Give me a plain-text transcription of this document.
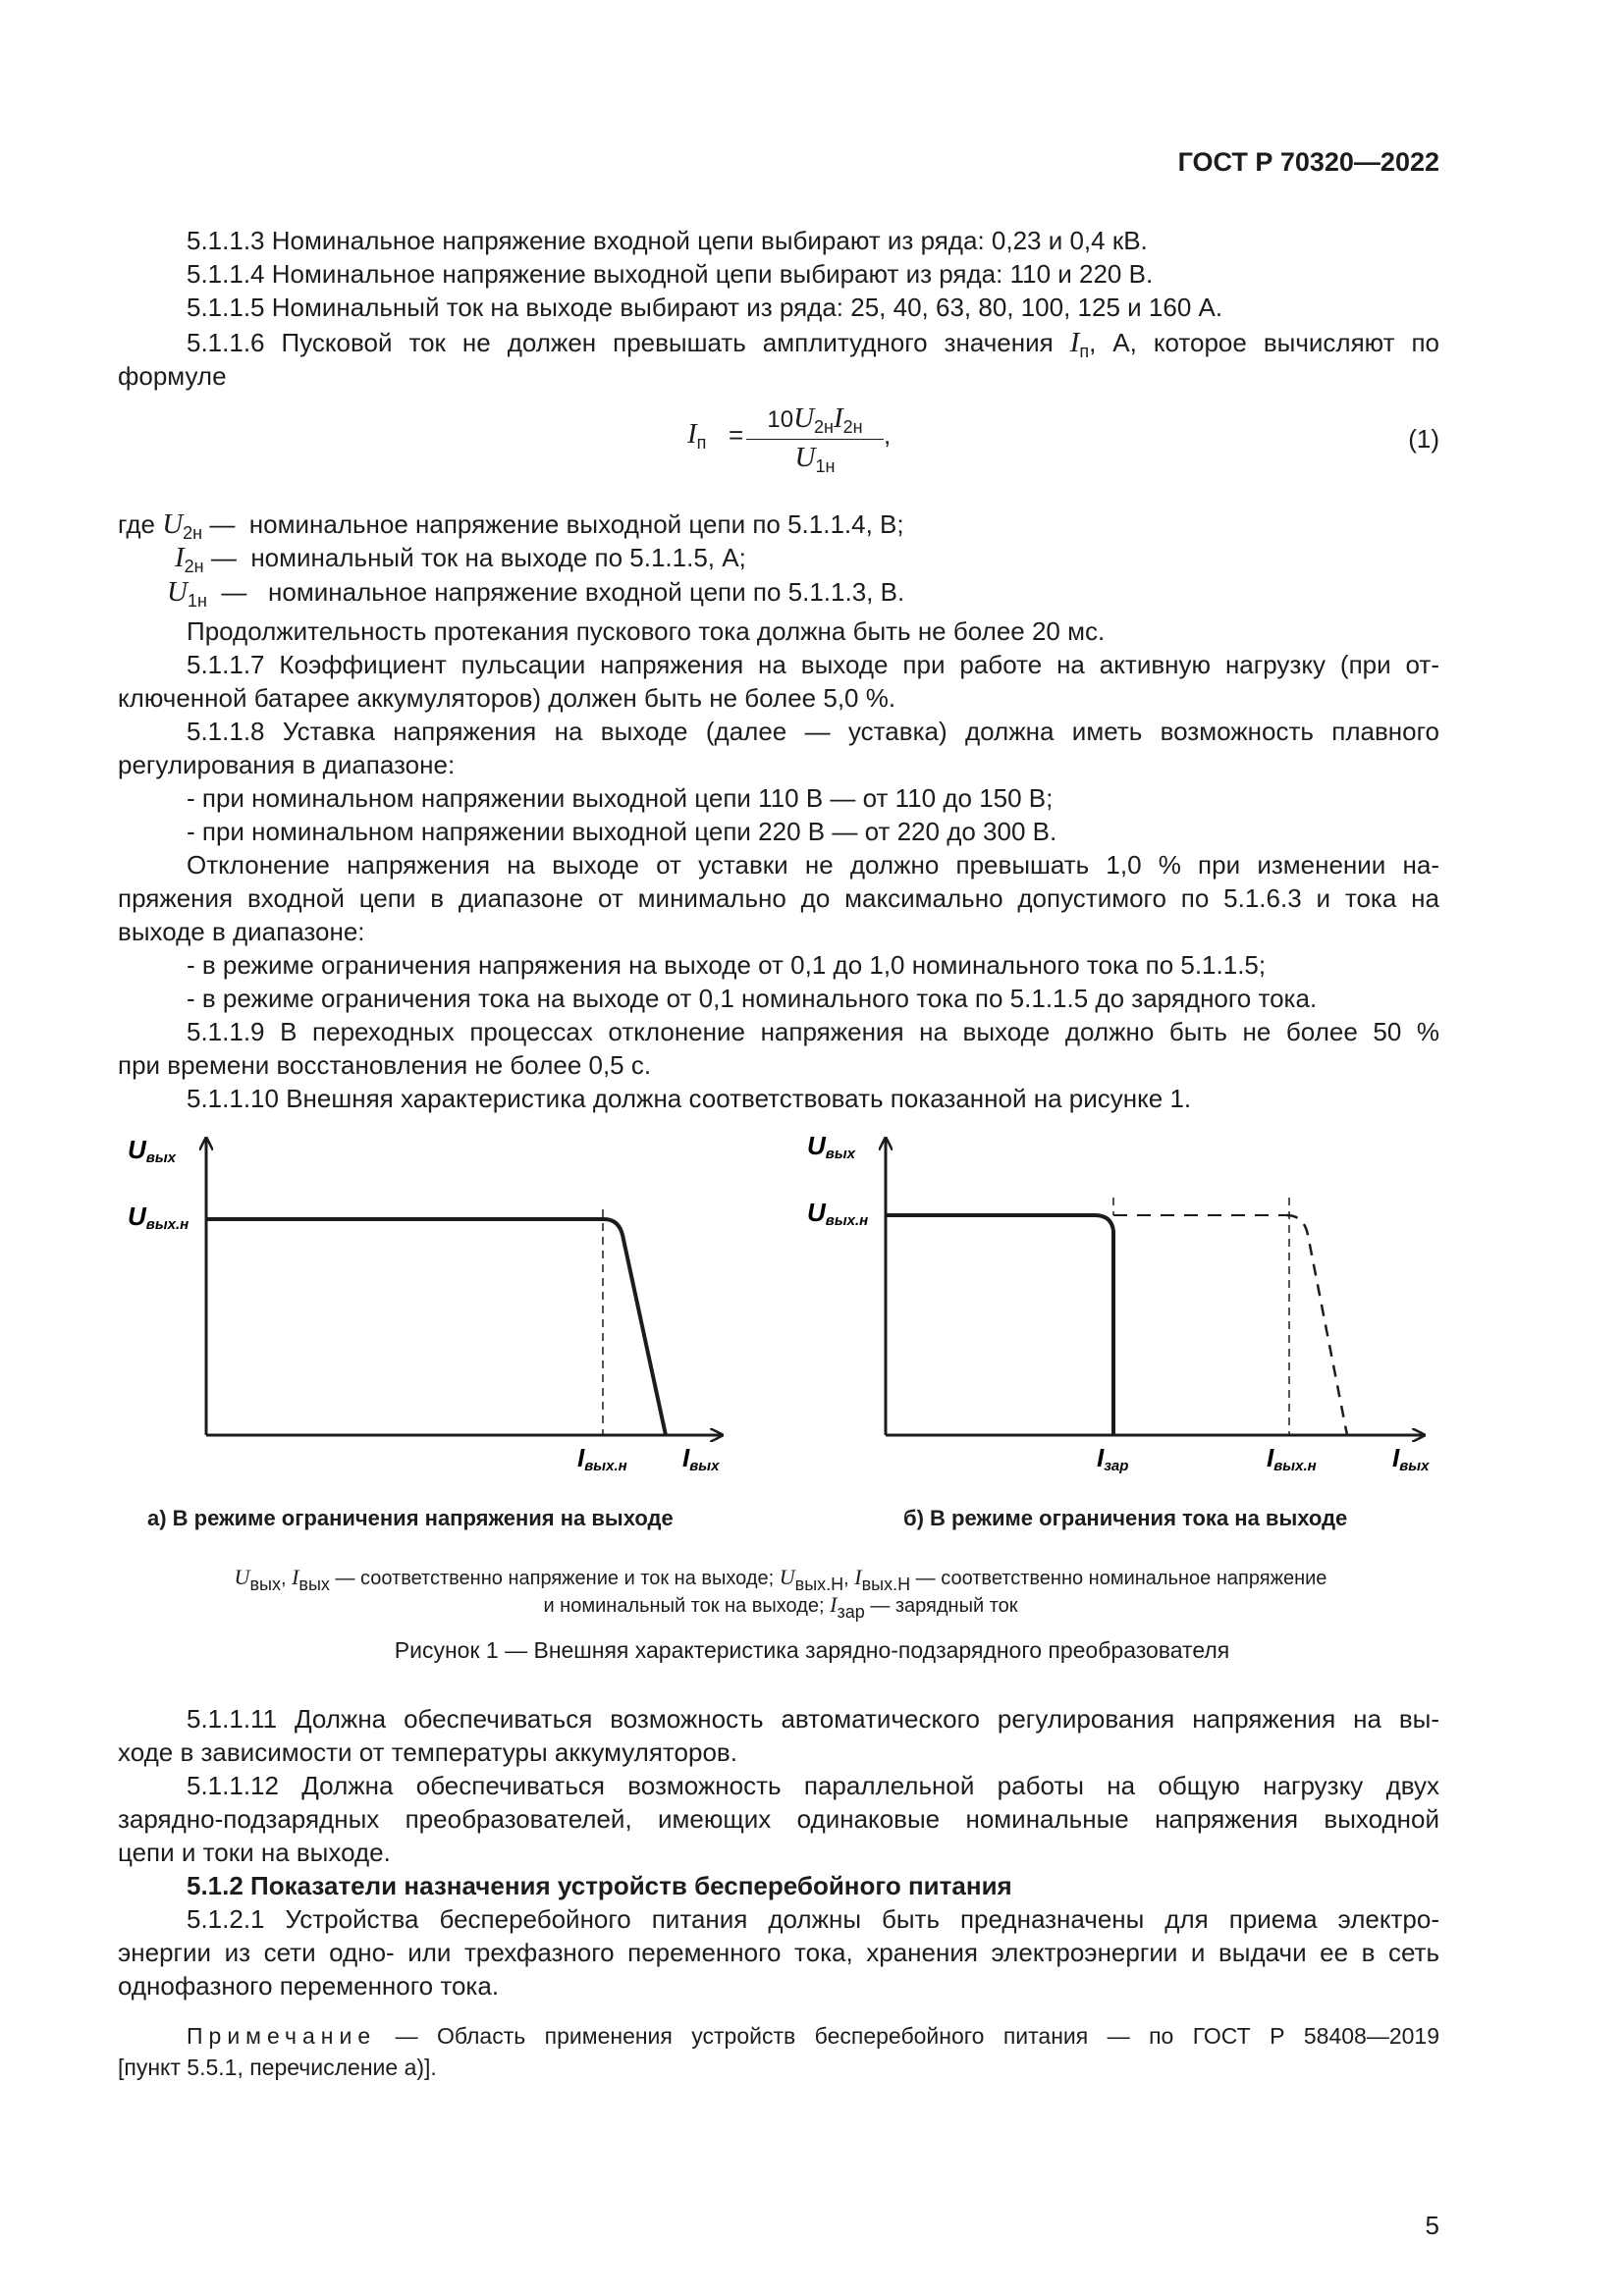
ГОСТ Р 70320—2022
5.1.1.3 Номинальное напряжение входной цепи выбирают из ряда: 0,23 и 0,4 кВ.
5.1.1.4 Номинальное напряжение выходной цепи выбирают из ряда: 110 и 220 В.
5.1.1.5 Номинальный ток на выходе выбирают из ряда: 25, 40, 63, 80, 100, 125 и 160 А.
5.1.1.6 Пусковой ток не должен превышать амплитудного значения $I_п$, А, которое вычисляют по
формуле
$I_п$ =
$10U_{2н}I_{2н}$
$U_{1н}$
,	(1)
где $U_{2н}$ — номинальное напряжение выходной цепи по 5.1.1.4, В;
$I_{2н}$ — номинальный ток на выходе по 5.1.1.5, А;
$U_{1н}$ — номинальное напряжение входной цепи по 5.1.1.3, В.
Продолжительность протекания пускового тока должна быть не более 20 мс.
5.1.1.7 Коэффициент пульсации напряжения на выходе при работе на активную нагрузку (при от-
ключенной батарее аккумуляторов) должен быть не более 5,0 %.
5.1.1.8 Уставка напряжения на выходе (далее — уставка) должна иметь возможность плавного
регулирования в диапазоне:
- при номинальном напряжении выходной цепи 110 В — от 110 до 150 В;
- при номинальном напряжении выходной цепи 220 В — от 220 до 300 В.
Отклонение напряжения на выходе от уставки не должно превышать 1,0 % при изменении на-
пряжения входной цепи в диапазоне от минимально до максимально допустимого по 5.1.6.3 и тока на
выходе в диапазоне:
- в режиме ограничения напряжения на выходе от 0,1 до 1,0 номинального тока по 5.1.1.5;
- в режиме ограничения тока на выходе от 0,1 номинального тока по 5.1.1.5 до зарядного тока.
5.1.1.9 В переходных процессах отклонение напряжения на выходе должно быть не более 50 %
при времени восстановления не более 0,5 с.
5.1.1.10 Внешняя характеристика должна соответствовать показанной на рисунке 1.
Uвых
Uвых.н
Iвых.н Iвых
Uвых
Uвых.н
Iзар	Iвых.н	Iвых
а) В режиме ограничения напряжения на выходе	б) В режиме ограничения тока на выходе
$U_{вых}$, $I_{вых}$ — соответственно напряжение и ток на выходе; $U_{вых.Н}$, $I_{вых.Н}$ — соответственно номинальное напряжение
и номинальный ток на выходе; $I_{зар}$ — зарядный ток
Рисунок 1 — Внешняя характеристика зарядно-подзарядного преобразователя
5.1.1.11 Должна обеспечиваться возможность автоматического регулирования напряжения на вы-
ходе в зависимости от температуры аккумуляторов.
5.1.1.12 Должна обеспечиваться возможность параллельной работы на общую нагрузку двух
зарядно-подзарядных преобразователей, имеющих одинаковые номинальные напряжения выходной
цепи и токи на выходе.
5.1.2 Показатели назначения устройств бесперебойного питания
5.1.2.1 Устройства бесперебойного питания должны быть предназначены для приема электро-
энергии из сети одно- или трехфазного переменного тока, хранения электроэнергии и выдачи ее в сеть
однофазного переменного тока.
Примечание — Область применения устройств бесперебойного питания — по ГОСТ Р 58408—2019
[пункт 5.5.1, перечисление а)].
5
